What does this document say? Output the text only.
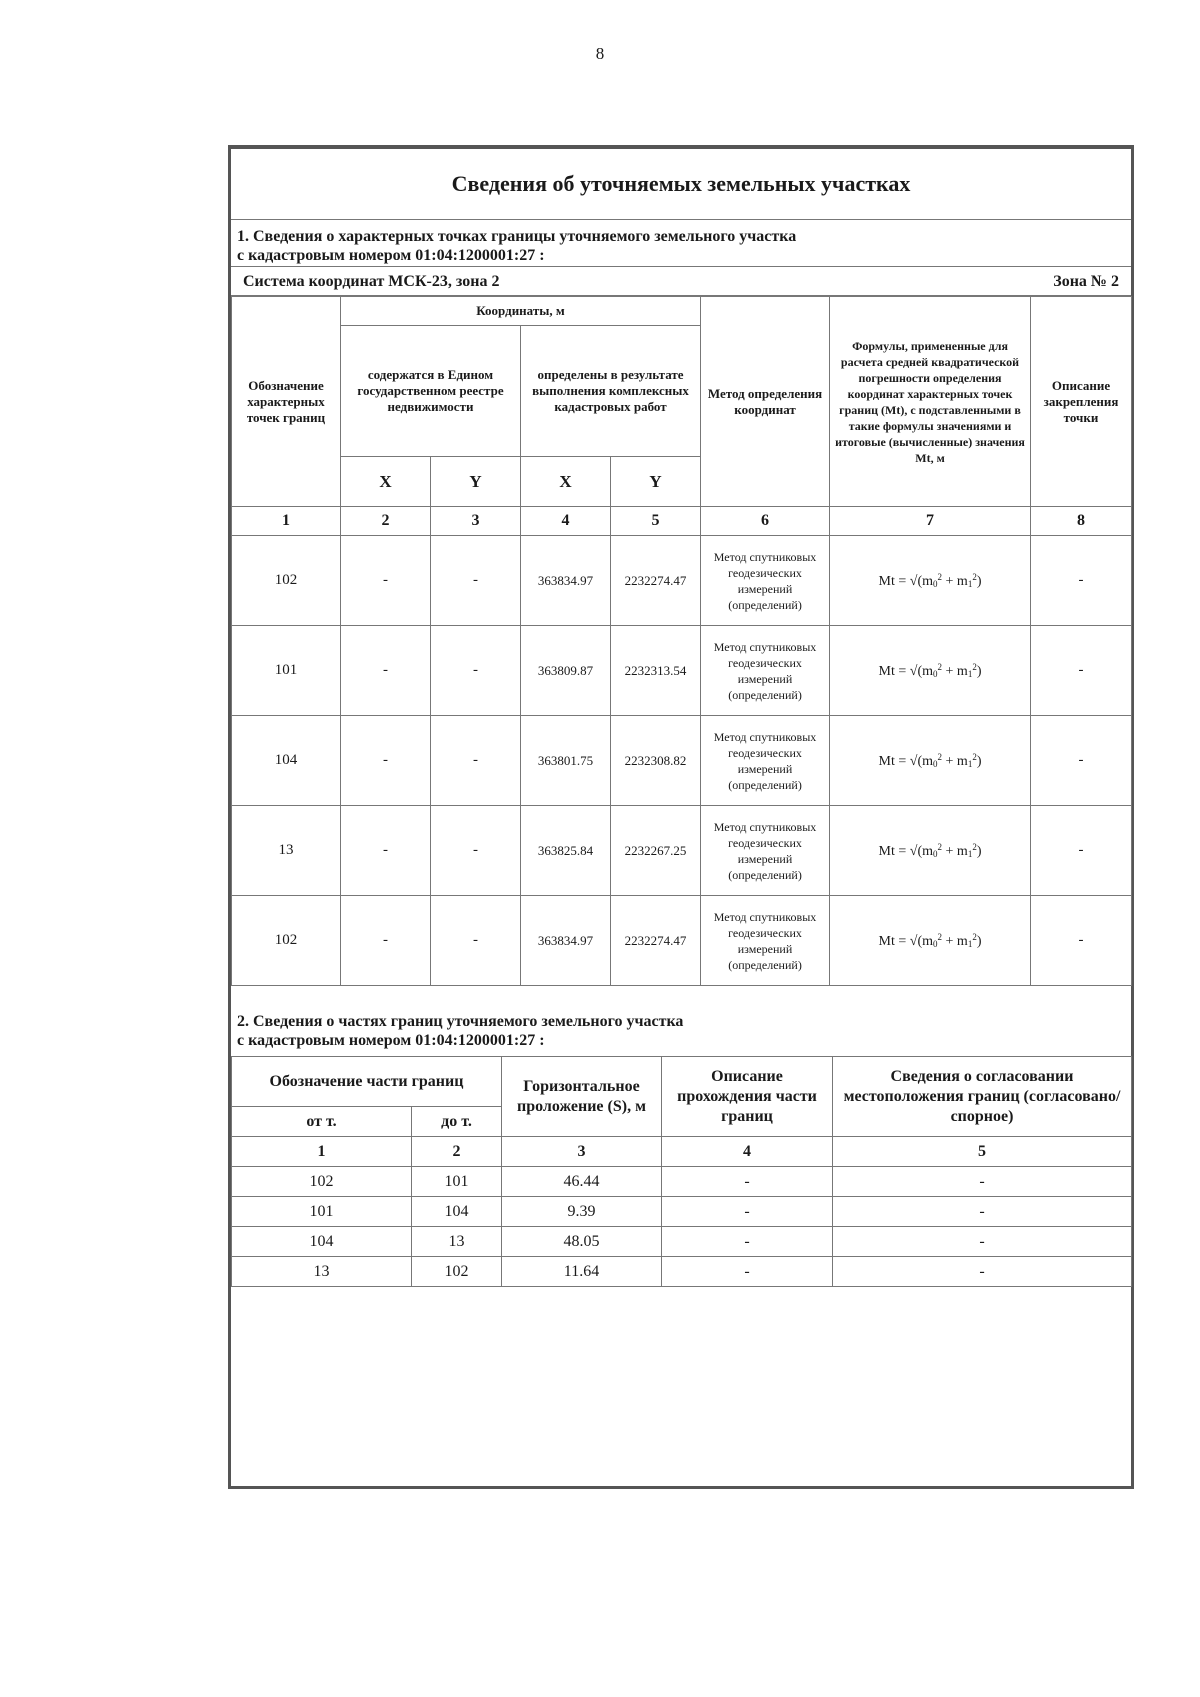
8
Сведения об уточняемых земельных участках
1. Сведения о характерных точках границы уточняемого земельного участка
с кадастровым номером 01:04:1200001:27 :
Система координат МСК-23, зона 2	Зона № 2
Обозначение характерных точек границ	Координаты, м				Метод определения координат	Формулы, примененные для расчета средней квадратической погрешности определения координат характерных точек границ (Mt), с подставленными в такие формулы значениями и итоговые (вычисленные) значения Mt, м	Описание закрепления точки
	содержатся в Едином государственном реестре недвижимости		определены в результате выполнения комплексных кадастровых работ				
	X	Y	X	Y			
1	2	3	4	5	6	7	8
102	-	-	363834.97	2232274.47	Метод спутниковых геодезических измерений (определений)	$Mt = √(m_0^2 + m_1^2)$	-
101	-	-	363809.87	2232313.54	Метод спутниковых геодезических измерений (определений)	$Mt = √(m_0^2 + m_1^2)$	-
104	-	-	363801.75	2232308.82	Метод спутниковых геодезических измерений (определений)	$Mt = √(m_0^2 + m_1^2)$	-
13	-	-	363825.84	2232267.25	Метод спутниковых геодезических измерений (определений)	$Mt = √(m_0^2 + m_1^2)$	-
102	-	-	363834.97	2232274.47	Метод спутниковых геодезических измерений (определений)	$Mt = √(m_0^2 + m_1^2)$	-
2. Сведения о частях границ уточняемого земельного участка
с кадастровым номером 01:04:1200001:27 :
Обозначение части границ		Горизонтальное проложение (S), м	Описание прохождения части границ	Сведения о согласовании местоположения границ (согласовано/спорное)
от т.	до т.			
1	2	3	4	5
102	101	46.44	-	-
101	104	9.39	-	-
104	13	48.05	-	-
13	102	11.64	-	-
